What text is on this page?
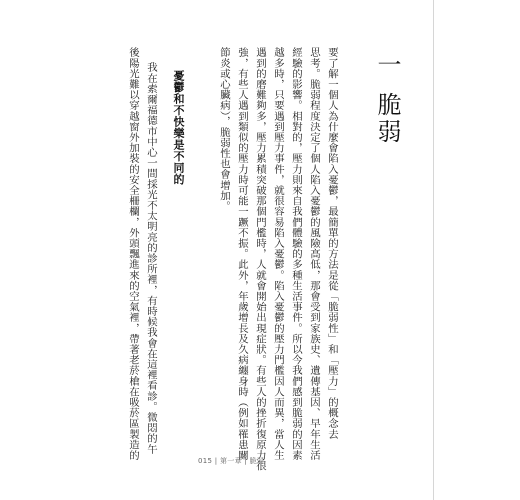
一
脆弱
要了解一個人為什麼會陷入憂鬱，最簡單的方法是從「脆弱性」和「壓力」的概念去
思考。脆弱程度決定了個人陷入憂鬱的風險高低，那會受到家族史、遺傳基因、早年生活
經驗的影響。相對的，壓力則來自我們體驗的多種生活事件。所以今我們感到脆弱的因素
越多時，只要遇到壓力事件，就很容易陷入憂鬱。陷入憂鬱的壓力門檻因人而異，當人生
遇到的磨難夠多，壓力累積突破那個門檻時，人就會開始出現症狀。有些人的挫折復原力很
強，有些人遇到類似的壓力時可能一蹶不振。此外，年歲增長及久病纏身時（例如罹患關
節炎或心臟病），脆弱性也會增加。
憂鬱和不快樂是不同的
我在索爾福德市中心一間採光不太明亮的診所裡，有時候我會在這裡看診。微悶的午
後陽光難以穿越窗外加裝的安全柵欄，外頭飄進來的空氣裡，帶著老菸槍在吸菸區製造的
015 | 第一章 | 脆弱
